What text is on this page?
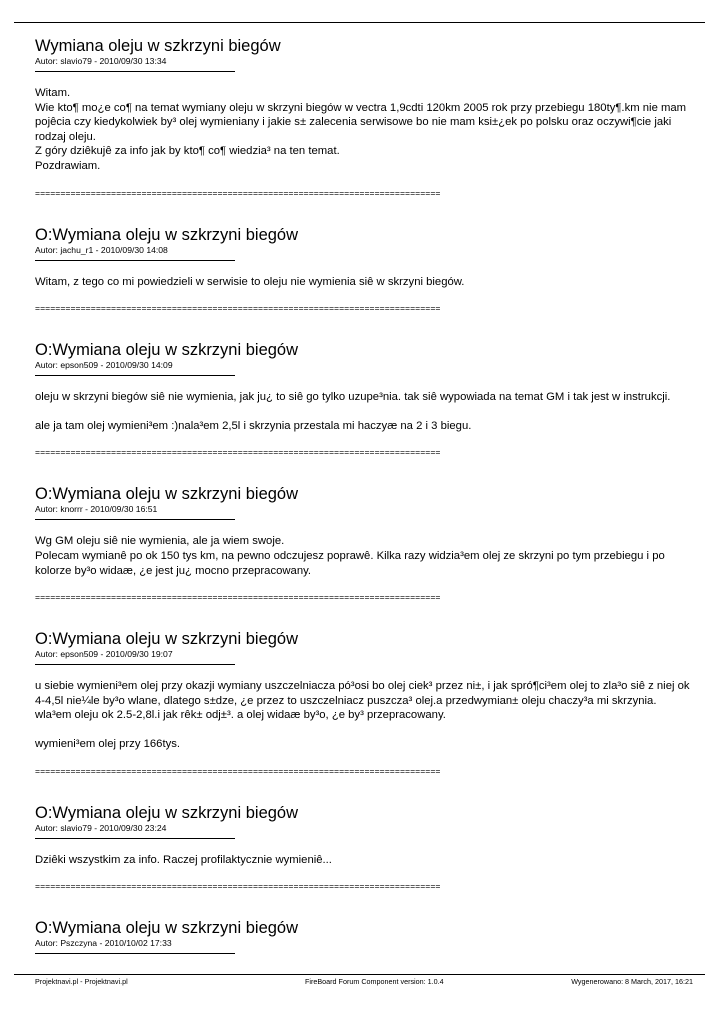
Wymiana oleju w szkrzyni biegów
Autor: slavio79 - 2010/09/30 13:34

Witam.
Wie kto¶ mo¿e co¶ na temat wymiany oleju w skrzyni biegów w vectra 1,9cdti 120km 2005 rok przy przebiegu 180ty¶.km nie mam pojêcia czy kiedykolwiek by³ olej wymieniany i jakie s± zalecenia serwisowe bo nie mam ksi±¿ek po polsku oraz oczywi¶cie jaki rodzaj oleju.
Z góry dziêkujê za info jak by kto¶ co¶ wiedzia³ na ten temat.
Pozdrawiam.

================================================================================
O:Wymiana oleju w szkrzyni biegów
Autor: jachu_r1 - 2010/09/30 14:08

Witam, z tego co mi powiedzieli w serwisie to oleju nie wymienia siê w skrzyni biegów.

================================================================================
O:Wymiana oleju w szkrzyni biegów
Autor: epson509 - 2010/09/30 14:09

oleju w skrzyni biegów siê nie wymienia, jak ju¿ to siê go tylko uzupe³nia. tak siê wypowiada na temat GM i tak jest w instrukcji.

ale ja tam olej wymieni³em :)nala³em 2,5l i skrzynia przestala mi haczyæ na 2 i 3 biegu.

================================================================================
O:Wymiana oleju w szkrzyni biegów
Autor: knorrr - 2010/09/30 16:51

Wg GM oleju siê nie wymienia, ale ja wiem swoje.
Polecam wymianê po ok 150 tys km, na pewno odczujesz poprawê. Kilka razy widzia³em olej ze skrzyni po tym przebiegu i po kolorze by³o widaæ, ¿e jest ju¿ mocno przepracowany.

================================================================================
O:Wymiana oleju w szkrzyni biegów
Autor: epson509 - 2010/09/30 19:07

u siebie wymieni³em olej przy okazji wymiany uszczelniacza pó³osi bo olej ciek³ przez ni±, i jak spró¶ci³em olej to zla³o siê z niej ok 4-4,5l nie¼le by³o wlane, dlatego s±dze, ¿e przez to uszczelniacz puszcza³ olej.a przedwymian± oleju chaczy³a mi skrzynia. wla³em oleju ok 2.5-2,8l.i jak rêk± odj±³. a olej widaæ by³o, ¿e by³ przepracowany.

wymieni³em olej przy 166tys.

================================================================================
O:Wymiana oleju w szkrzyni biegów
Autor: slavio79 - 2010/09/30 23:24

Dziêki wszystkim za info. Raczej profilaktycznie wymieniê...

================================================================================
O:Wymiana oleju w szkrzyni biegów
Autor: Pszczyna - 2010/10/02 17:33
Projektnavi.pl - Projektnavi.pl	FireBoard Forum Component version: 1.0.4	Wygenerowano: 8 March, 2017, 16:21
